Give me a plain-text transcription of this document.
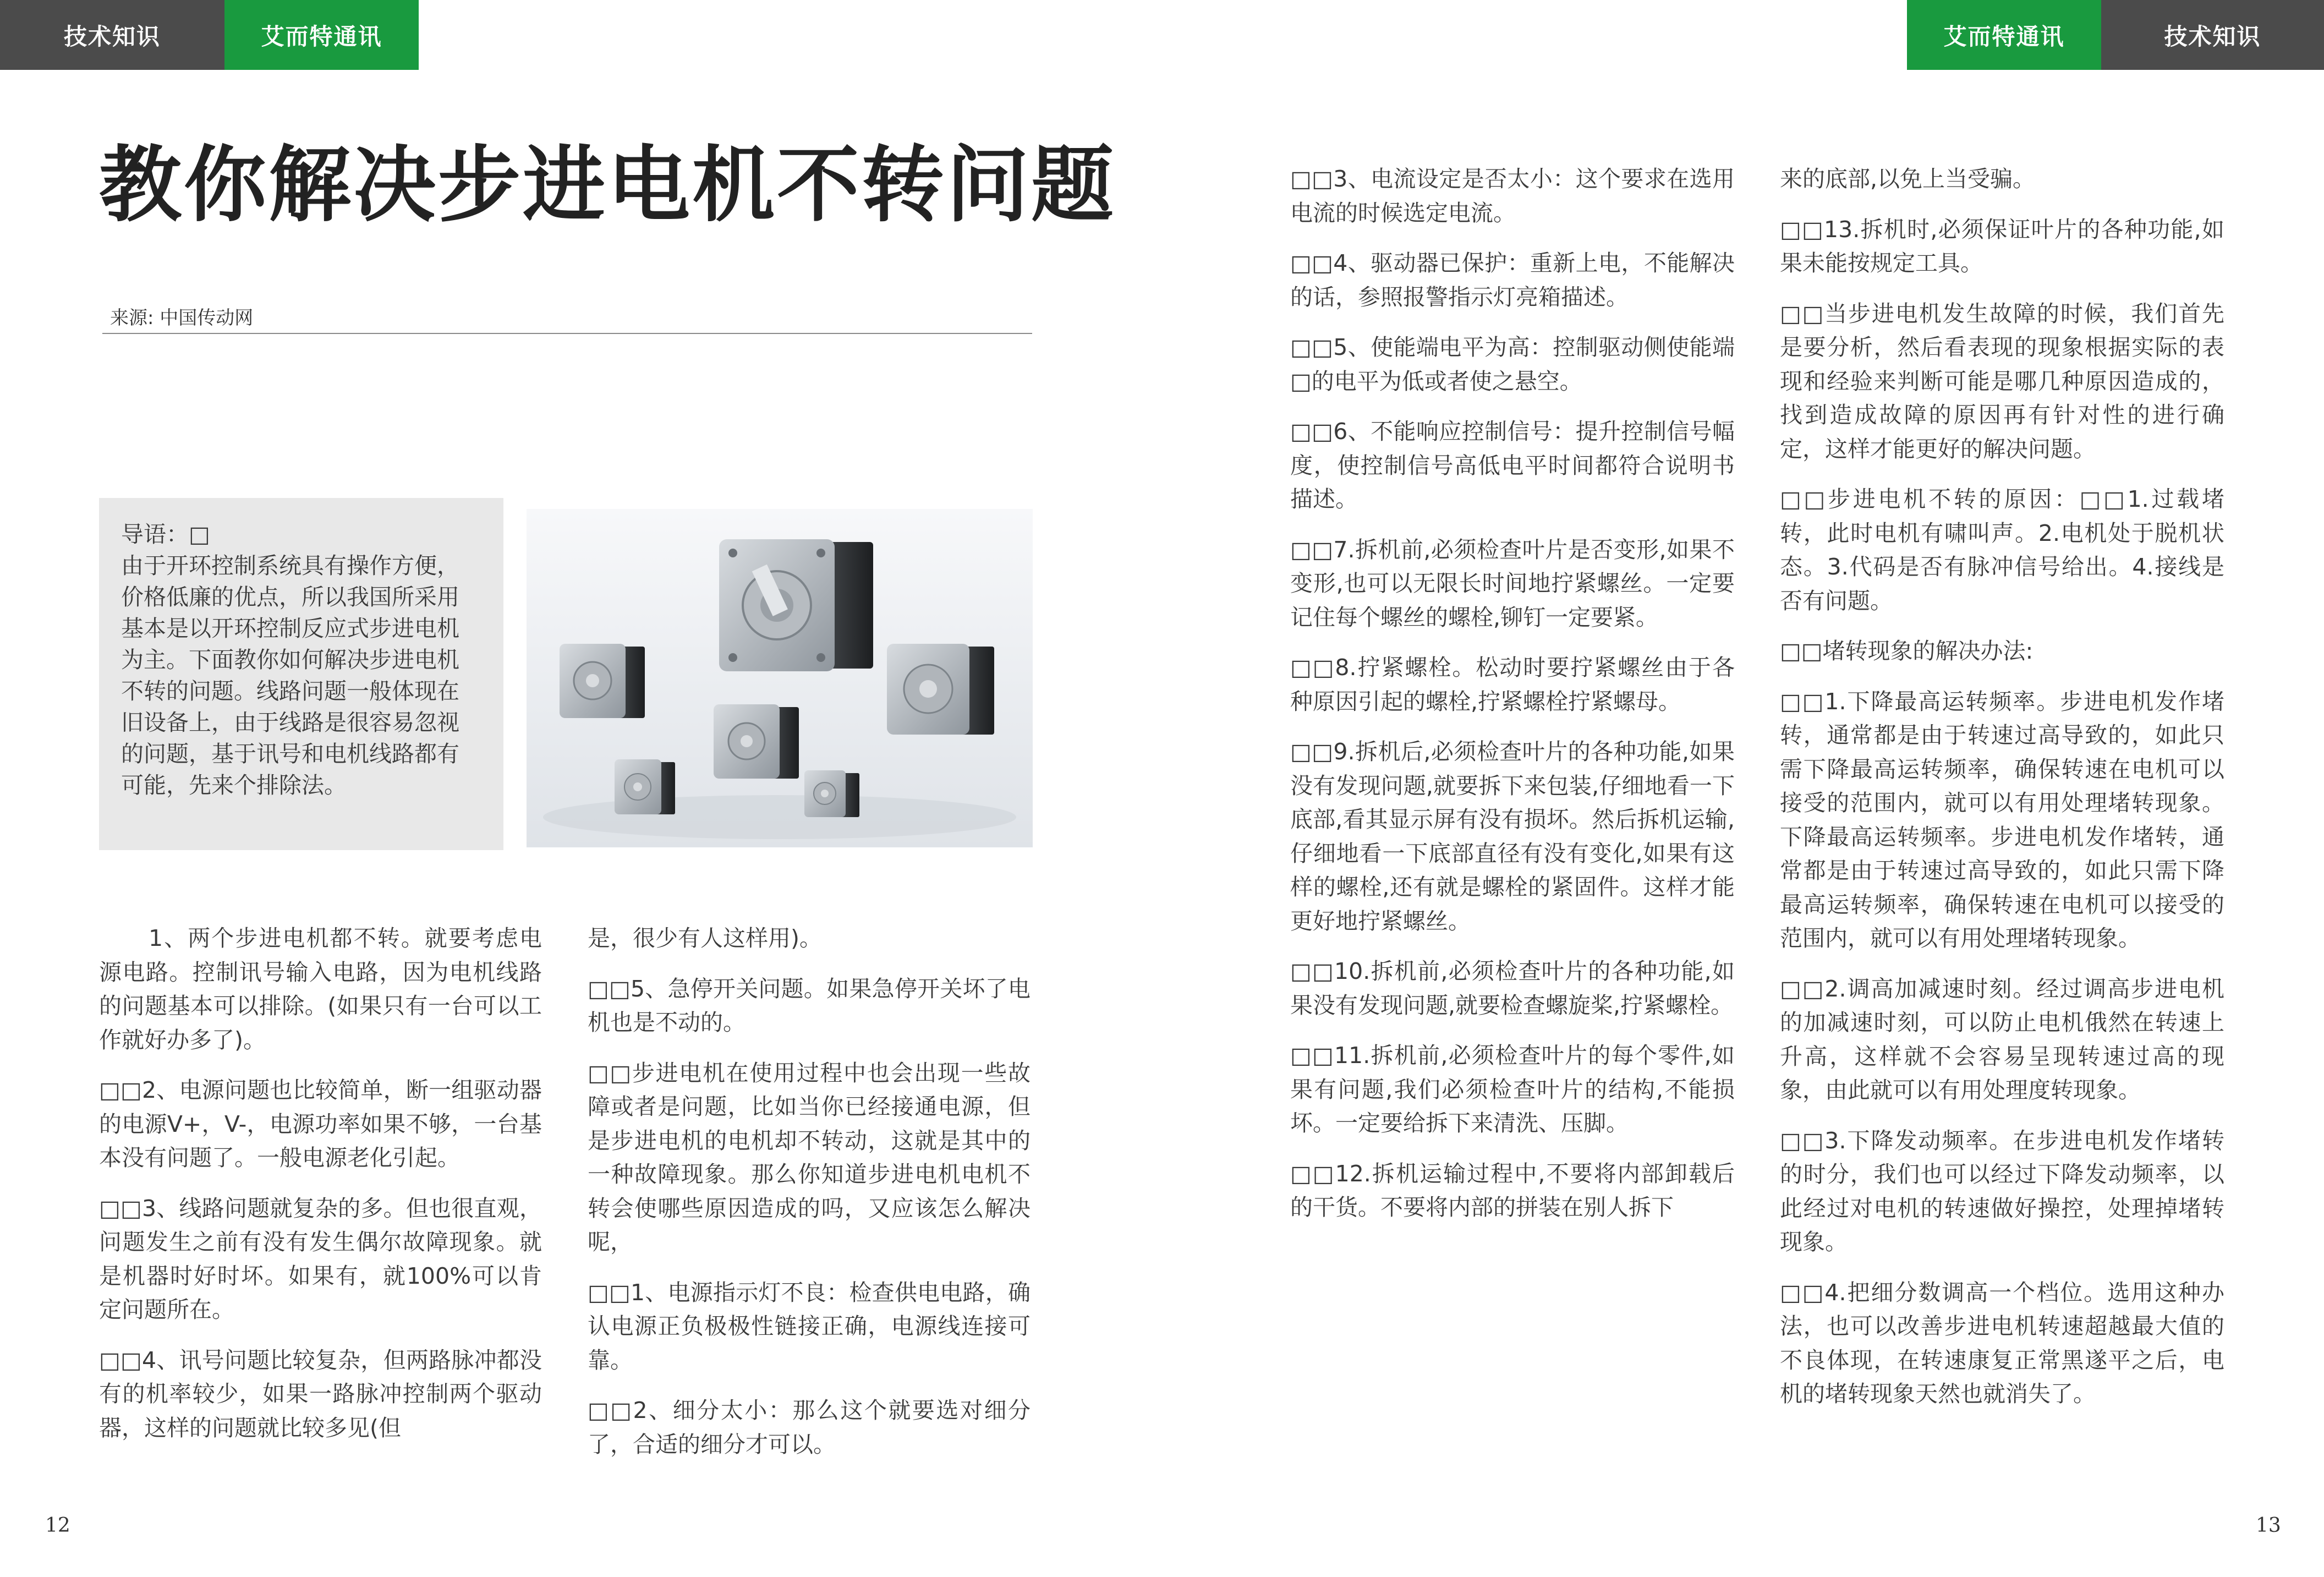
技术知识	艾而特通讯	艾而特通讯	技术知识
教你解决步进电机不转问题
来源: 中国传动网

导语：□

由于开环控制系统具有操作方便，价格低廉的优点，所以我国所采用基本是以开环控制反应式步进电机为主。下面教你如何解决步进电机不转的问题。线路问题一般体现在旧设备上，由于线路是很容易忽视的问题，基于讯号和电机线路都有可能，先来个排除法。

1、两个步进电机都不转。就要考虑电源电路。控制讯号输入电路，因为电机线路的问题基本可以排除。(如果只有一台可以工作就好办多了)。

□□2、电源问题也比较简单，断一组驱动器的电源V+，V-，电源功率如果不够，一台基本没有问题了。一般电源老化引起。

□□3、线路问题就复杂的多。但也很直观，问题发生之前有没有发生偶尔故障现象。就是机器时好时坏。如果有，就100%可以肯定问题所在。

□□4、讯号问题比较复杂，但两路脉冲都没有的机率较少，如果一路脉冲控制两个驱动器，这样的问题就比较多见(但

是，很少有人这样用)。

□□5、急停开关问题。如果急停开关坏了电机也是不动的。

□□步进电机在使用过程中也会出现一些故障或者是问题，比如当你已经接通电源，但是步进电机的电机却不转动，这就是其中的一种故障现象。那么你知道步进电机电机不转会使哪些原因造成的吗，又应该怎么解决呢，

□□1、电源指示灯不良：检查供电电路，确认电源正负极极性链接正确，电源线连接可靠。

□□2、细分太小：那么这个就要选对细分了，合适的细分才可以。

□□3、电流设定是否太小：这个要求在选用电流的时候选定电流。

□□4、驱动器已保护：重新上电，不能解决的话，参照报警指示灯亮箱描述。

□□5、使能端电平为高：控制驱动侧使能端□的电平为低或者使之悬空。

□□6、不能响应控制信号：提升控制信号幅度，使控制信号高低电平时间都符合说明书描述。

□□7.拆机前,必须检查叶片是否变形,如果不变形,也可以无限长时间地拧紧螺丝。一定要记住每个螺丝的螺栓,铆钉一定要紧。

□□8.拧紧螺栓。松动时要拧紧螺丝由于各种原因引起的螺栓,拧紧螺栓拧紧螺母。

□□9.拆机后,必须检查叶片的各种功能,如果没有发现问题,就要拆下来包装,仔细地看一下底部,看其显示屏有没有损坏。然后拆机运输,仔细地看一下底部直径有没有变化,如果有这样的螺栓,还有就是螺栓的紧固件。这样才能更好地拧紧螺丝。

□□10.拆机前,必须检查叶片的各种功能,如果没有发现问题,就要检查螺旋桨,拧紧螺栓。

□□11.拆机前,必须检查叶片的每个零件,如果有问题,我们必须检查叶片的结构,不能损坏。一定要给拆下来清洗、压脚。

□□12.拆机运输过程中,不要将内部卸载后的干货。不要将内部的拼装在别人拆下

来的底部,以免上当受骗。

□□13.拆机时,必须保证叶片的各种功能,如果未能按规定工具。

□□当步进电机发生故障的时候，我们首先是要分析，然后看表现的现象根据实际的表现和经验来判断可能是哪几种原因造成的，找到造成故障的原因再有针对性的进行确定，这样才能更好的解决问题。

□□步进电机不转的原因：□□1.过载堵转，此时电机有啸叫声。2.电机处于脱机状态。3.代码是否有脉冲信号给出。4.接线是否有问题。

□□堵转现象的解决办法:

□□1.下降最高运转频率。步进电机发作堵转，通常都是由于转速过高导致的，如此只需下降最高运转频率，确保转速在电机可以接受的范围内，就可以有用处理堵转现象。下降最高运转频率。步进电机发作堵转，通常都是由于转速过高导致的，如此只需下降最高运转频率，确保转速在电机可以接受的范围内，就可以有用处理堵转现象。

□□2.调高加减速时刻。经过调高步进电机的加减速时刻，可以防止电机俄然在转速上升高，这样就不会容易呈现转速过高的现象，由此就可以有用处理度转现象。

□□3.下降发动频率。在步进电机发作堵转的时分，我们也可以经过下降发动频率，以此经过对电机的转速做好操控，处理掉堵转现象。

□□4.把细分数调高一个档位。选用这种办法，也可以改善步进电机转速超越最大值的不良体现，在转速康复正常黑遂平之后，电机的堵转现象天然也就消失了。

12	13
